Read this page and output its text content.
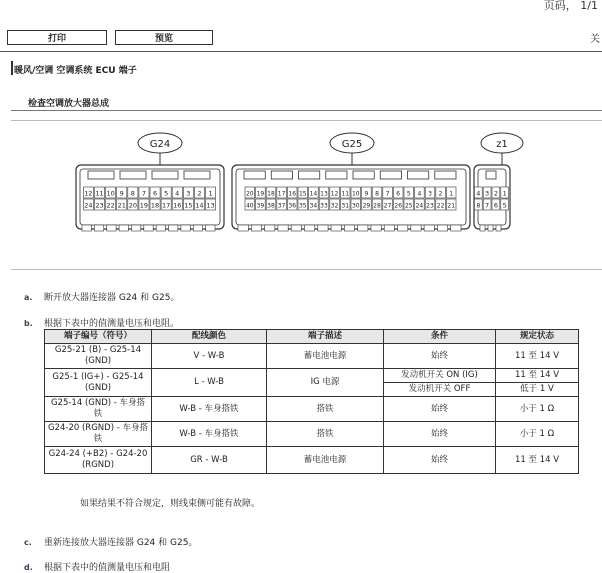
页码， 1/1
打印	预览	关
暖风/空调 空调系统 ECU 端子
检查空调放大器总成
G24
12 11 10 9 8 7 6 5 4 3 2 1
24 23 22 21 20 19 18 17 16 15 14 13
G25
20 19 18 17 16 15 14 13 12 11 10 9 8 7 6 5 4 3 2 1
40 39 38 37 36 35 34 33 32 31 30 29 28 27 26 25 24 23 22 21
z1
4 3 2 1
8 7 6 5
a. 断开放大器连接器 G24 和 G25。
b. 根据下表中的值测量电压和电阻。
端子编号（符号）	配线颜色	端子描述	条件	规定状态
G25-21 (B) - G25-14 (GND)	V - W-B	蓄电池电源	始终	11 至 14 V
G25-1 (IG+) - G25-14 (GND)	L - W-B	IG 电源	发动机开关 ON (IG)	11 至 14 V
			发动机开关 OFF	低于 1 V
G25-14 (GND) - 车身搭铁	W-B - 车身搭铁	搭铁	始终	小于 1 Ω
G24-20 (RGND) - 车身搭铁	W-B - 车身搭铁	搭铁	始终	小于 1 Ω
G24-24 (+B2) - G24-20 (RGND)	GR - W-B	蓄电池电源	始终	11 至 14 V
如果结果不符合规定，则线束侧可能有故障。
c. 重新连接放大器连接器 G24 和 G25。
d. 根据下表中的值测量电压和电阻
